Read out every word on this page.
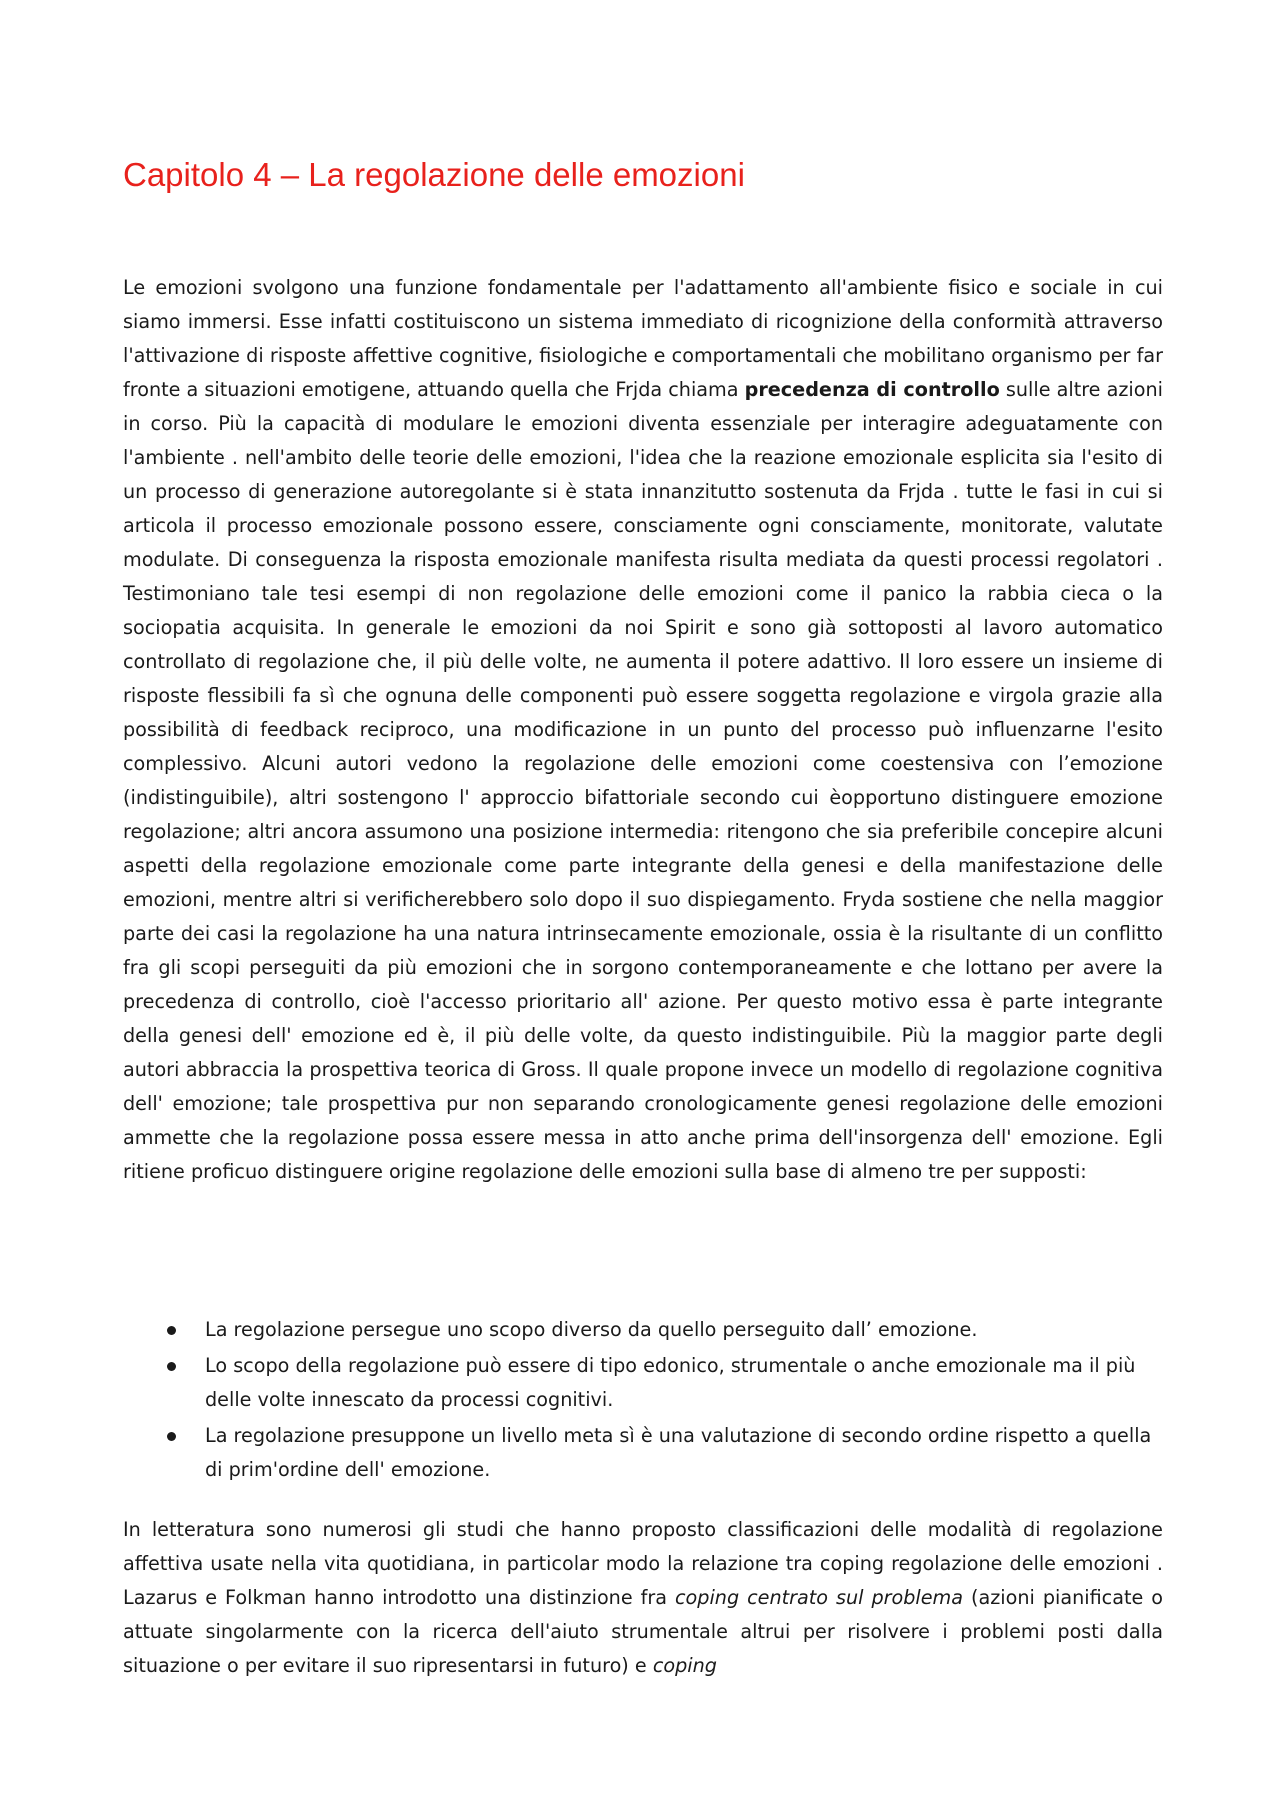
Capitolo 4 – La regolazione delle emozioni

Le emozioni svolgono una funzione fondamentale per l'adattamento all'ambiente fisico e sociale in cui siamo immersi. Esse infatti costituiscono un sistema immediato di ricognizione della conformità attraverso l'attivazione di risposte affettive cognitive, fisiologiche e comportamentali che mobilitano organismo per far fronte a situazioni emotigene, attuando quella che Frjda chiama precedenza di controllo sulle altre azioni in corso. Più la capacità di modulare le emozioni diventa essenziale per interagire adeguatamente con l'ambiente . nell'ambito delle teorie delle emozioni, l'idea che la reazione emozionale esplicita sia l'esito di un processo di generazione autoregolante si è stata innanzitutto sostenuta da Frjda . tutte le fasi in cui si articola il processo emozionale possono essere, consciamente ogni consciamente, monitorate, valutate modulate. Di conseguenza la risposta emozionale manifesta risulta mediata da questi processi regolatori . Testimoniano tale tesi esempi di non regolazione delle emozioni come il panico la rabbia cieca o la sociopatia acquisita. In generale le emozioni da noi Spirit e sono già sottoposti al lavoro automatico controllato di regolazione che, il più delle volte, ne aumenta il potere adattivo. Il loro essere un insieme di risposte flessibili fa sì che ognuna delle componenti può essere soggetta regolazione e virgola grazie alla possibilità di feedback reciproco, una modificazione in un punto del processo può influenzarne l'esito complessivo. Alcuni autori vedono la regolazione delle emozioni come coestensiva con l’emozione (indistinguibile), altri sostengono l' approccio bifattoriale secondo cui èopportuno distinguere emozione regolazione; altri ancora assumono una posizione intermedia: ritengono che sia preferibile concepire alcuni aspetti della regolazione emozionale come parte integrante della genesi e della manifestazione delle emozioni, mentre altri si verificherebbero solo dopo il suo dispiegamento. Fryda sostiene che nella maggior parte dei casi la regolazione ha una natura intrinsecamente emozionale, ossia è la risultante di un conflitto fra gli scopi perseguiti da più emozioni che in sorgono contemporaneamente e che lottano per avere la precedenza di controllo, cioè l'accesso prioritario all' azione. Per questo motivo essa è parte integrante della genesi dell' emozione ed è, il più delle volte, da questo indistinguibile. Più la maggior parte degli autori abbraccia la prospettiva teorica di Gross. Il quale propone invece un modello di regolazione cognitiva dell' emozione; tale prospettiva pur non separando cronologicamente genesi regolazione delle emozioni ammette che la regolazione possa essere messa in atto anche prima dell'insorgenza dell' emozione. Egli ritiene proficuo distinguere origine regolazione delle emozioni sulla base di almeno tre per supposti:

La regolazione persegue uno scopo diverso da quello perseguito dall’ emozione.
Lo scopo della regolazione può essere di tipo edonico, strumentale o anche emozionale ma il più delle volte innescato da processi cognitivi.
La regolazione presuppone un livello meta sì è una valutazione di secondo ordine rispetto a quella di prim'ordine dell' emozione.

In letteratura sono numerosi gli studi che hanno proposto classificazioni delle modalità di regolazione affettiva usate nella vita quotidiana, in particolar modo la relazione tra coping regolazione delle emozioni . Lazarus e Folkman hanno introdotto una distinzione fra coping centrato sul problema (azioni pianificate o attuate singolarmente con la ricerca dell'aiuto strumentale altrui per risolvere i problemi posti dalla situazione o per evitare il suo ripresentarsi in futuro) e coping
